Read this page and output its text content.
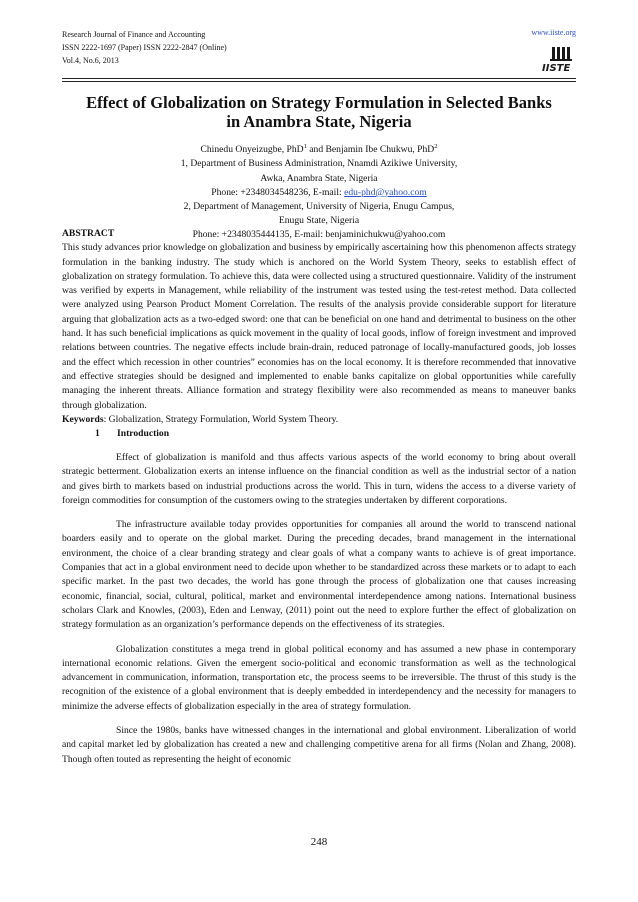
Research Journal of Finance and Accounting
ISSN 2222-1697 (Paper) ISSN 2222-2847 (Online)
Vol.4, No.6, 2013
www.iiste.org
IISTE
Effect of Globalization on Strategy Formulation in Selected Banks
in Anambra State, Nigeria
Chinedu Onyeizugbe, PhD$^1$ and Benjamin Ibe Chukwu, PhD$^2$
1, Department of Business Administration, Nnamdi Azikiwe University,
Awka, Anambra State, Nigeria
Phone: +2348034548236, E-mail: edu-phd@yahoo.com
2, Department of Management, University of Nigeria, Enugu Campus,
Enugu State, Nigeria
Phone: +2348035444135, E-mail: benjaminichukwu@yahoo.com
ABSTRACT

This study advances prior knowledge on globalization and business by empirically ascertaining how this phenomenon affects strategy formulation in the banking industry. The study which is anchored on the World System Theory, seeks to establish effect of globalization on strategy formulation. To achieve this, data were collected using a structured questionnaire. Validity of the instrument was verified by experts in Management, while reliability of the instrument was tested using the test-retest method. Data collected were analyzed using Pearson Product Moment Correlation. The results of the analysis provide considerable support for literature arguing that globalization acts as a two-edged sword: one that can be beneficial on one hand and detrimental to business on the other hand. It has such beneficial implications as quick movement in the quality of local goods, inflow of foreign investment and improved relations between countries. The negative effects include brain-drain, reduced patronage of locally-manufactured goods, job losses and the effect which recession in other countries” economies has on the local economy. It is therefore recommended that innovative and effective strategies should be designed and implemented to enable banks capitalize on global opportunities while carefully managing the inherent threats. Alliance formation and strategy flexibility were also recommended as means to maneuver banks through globalization.

Keywords: Globalization, Strategy Formulation, World System Theory.
1 Introduction

Effect of globalization is manifold and thus affects various aspects of the world economy to bring about overall strategic betterment. Globalization exerts an intense influence on the financial condition as well as the industrial sector of a nation and gives birth to markets based on industrial productions across the world. This in turn, widens the access to a diverse variety of foreign commodities for consumption of the customers owing to the strategies undertaken by different corporations.

The infrastructure available today provides opportunities for companies all around the world to transcend national boarders easily and to operate on the global market. During the preceding decades, brand management in the international environment, the choice of a clear branding strategy and clear goals of what a company wants to achieve is of great importance. Companies that act in a global environment need to decide upon whether to be standardized across these markets or to adapt to each specific market. In the past two decades, the world has gone through the process of globalization one that causes increasing economic, financial, social, cultural, political, market and environmental interdependence among nations. International business scholars Clark and Knowles, (2003), Eden and Lenway, (2011) point out the need to explore further the effect of globalization on strategy formulation as an organization’s performance depends on the effectiveness of its strategies.

Globalization constitutes a mega trend in global political economy and has assumed a new phase in contemporary international economic relations. Given the emergent socio-political and economic transformation as well as the technological advancement in communication, information, transportation etc, the process seems to be irreversible. The thrust of this study is the recognition of the existence of a global environment that is deeply embedded in interdependency and the necessity for managers to minimize the adverse effects of globalization especially in the area of strategy formulation.

Since the 1980s, banks have witnessed changes in the international and global environment. Liberalization of world and capital market led by globalization has created a new and challenging competitive arena for all firms (Nolan and Zhang, 2008). Though often touted as representing the height of economic

248
